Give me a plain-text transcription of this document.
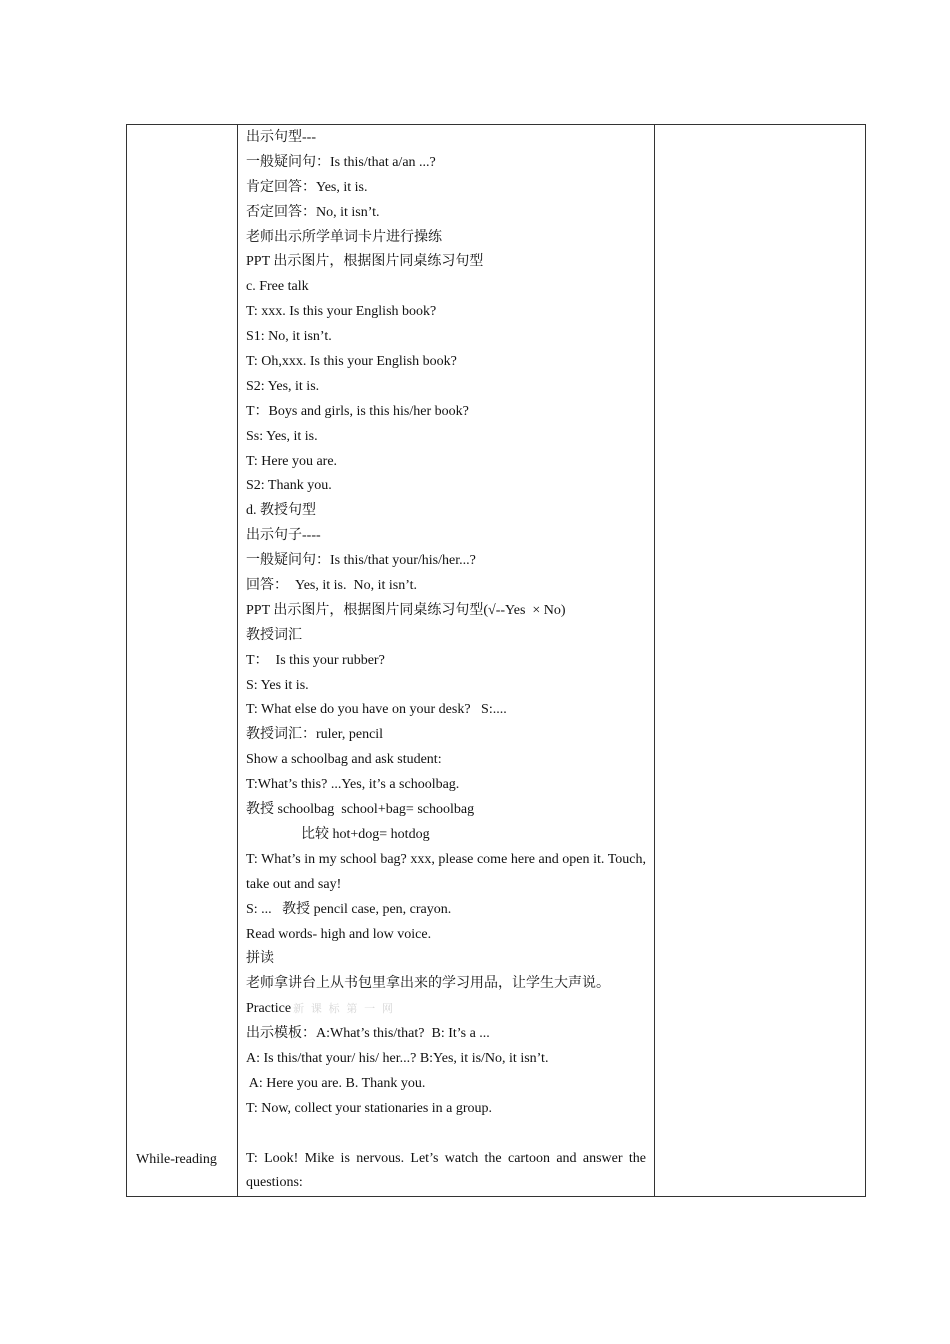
While-reading

出示句型---
一般疑问句：Is this/that a/an ...?
肯定回答：Yes, it is.
否定回答：No, it isn’t.
老师出示所学单词卡片进行操练
PPT 出示图片，根据图片同桌练习句型
c. Free talk
T: xxx. Is this your English book?
S1: No, it isn’t.
T: Oh,xxx. Is this your English book?
S2: Yes, it is.
T：Boys and girls, is this his/her book?
Ss: Yes, it is.
T: Here you are.
S2: Thank you.
d. 教授句型
出示句子----
一般疑问句：Is this/that your/his/her...?
回答：  Yes, it is.  No, it isn’t.
PPT 出示图片，根据图片同桌练习句型(√--Yes  × No)
教授词汇
T：  Is this your rubber?
S: Yes it is.
T: What else do you have on your desk?   S:....
教授词汇：ruler, pencil
Show a schoolbag and ask student:
T:What’s this? ...Yes, it’s a schoolbag.
教授 schoolbag  school+bag= schoolbag
比较 hot+dog= hotdog
T: What’s in my school bag? xxx, please come here and open it. Touch, take out and say!
S: ...   教授 pencil case, pen, crayon.
Read words- high and low voice.
拼读
老师拿讲台上从书包里拿出来的学习用品，让学生大声说。
Practice 新 课 标 第 一 网
出示模板：A:What’s this/that?  B: It’s a ...
A: Is this/that your/ his/ her...? B:Yes, it is/No, it isn’t.
A: Here you are. B. Thank you.
T: Now, collect your stationaries in a group.
T: Look! Mike is nervous. Let’s watch the cartoon and answer the questions:
